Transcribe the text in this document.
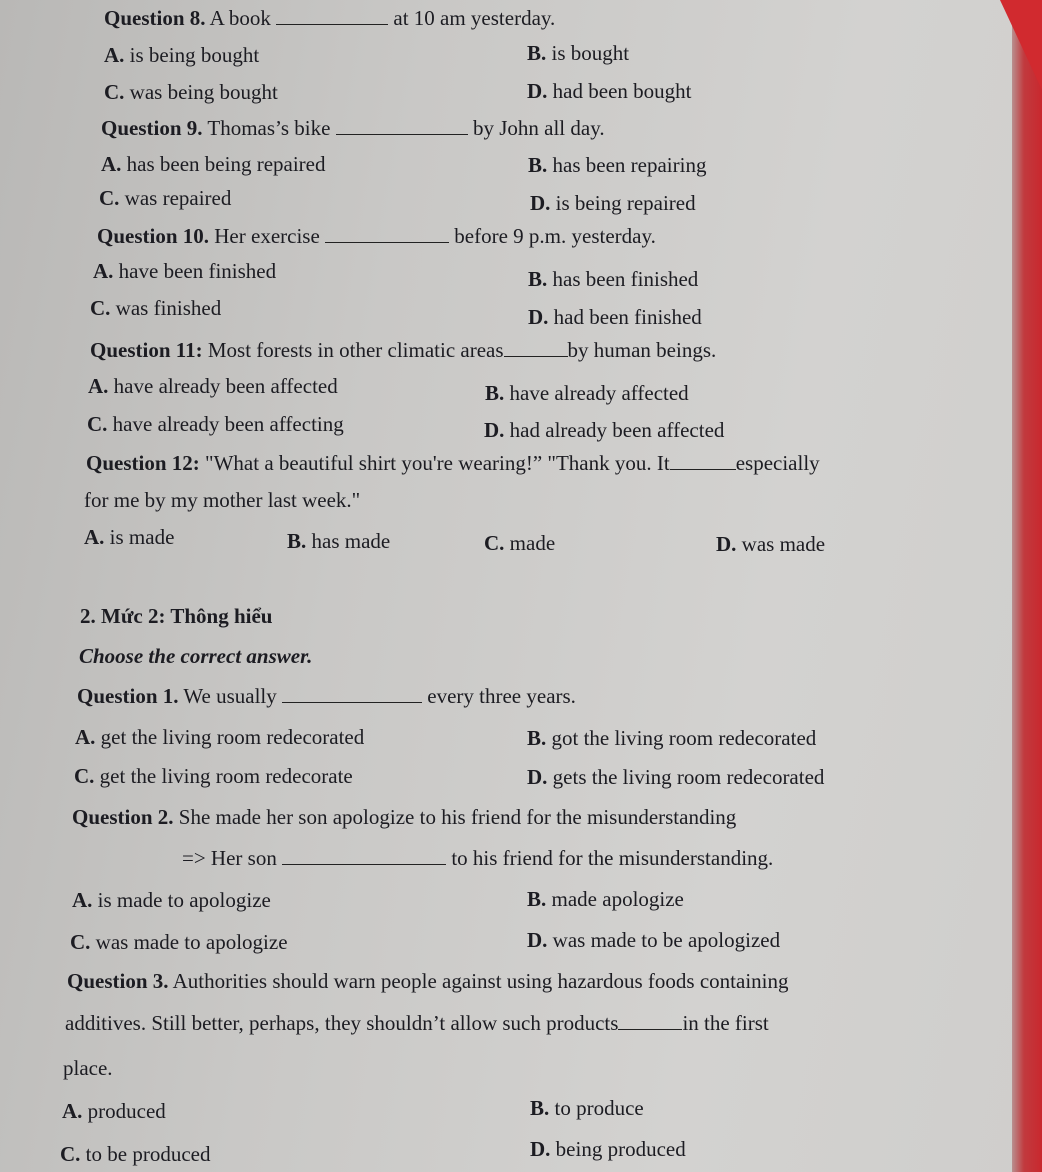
Question 8. A book	at 10 am yesterday.
A. is being bought	B. is bought
C. was being bought	D. had been bought
Question 9. Thomas’s bike	by John all day.
A. has been being repaired	B. has been repairing
C. was repaired	D. is being repaired
Question 10. Her exercise	before 9 p.m. yesterday.
A. have been finished	B. has been finished
C. was finished	D. had been finished
Question 11: Most forests in other climatic areas	by human beings.
A. have already been affected	B. have already affected
C. have already been affecting	D. had already been affected
Question 12: "What a beautiful shirt you're wearing!” "Thank you. It	especially
for me by my mother last week."
A. is made	B. has made	C. made	D. was made
2. Mức 2: Thông hiểu
Choose the correct answer.
Question 1. We usually	every three years.
A. get the living room redecorated	B. got the living room redecorated
C. get the living room redecorate	D. gets the living room redecorated
Question 2. She made her son apologize to his friend for the misunderstanding
=> Her son	to his friend for the misunderstanding.
A. is made to apologize	B. made apologize
C. was made to apologize	D. was made to be apologized
Question 3. Authorities should warn people against using hazardous foods containing
additives. Still better, perhaps, they shouldn’t allow such products	in the first
place.
A. produced	B. to produce
C. to be produced	D. being produced
